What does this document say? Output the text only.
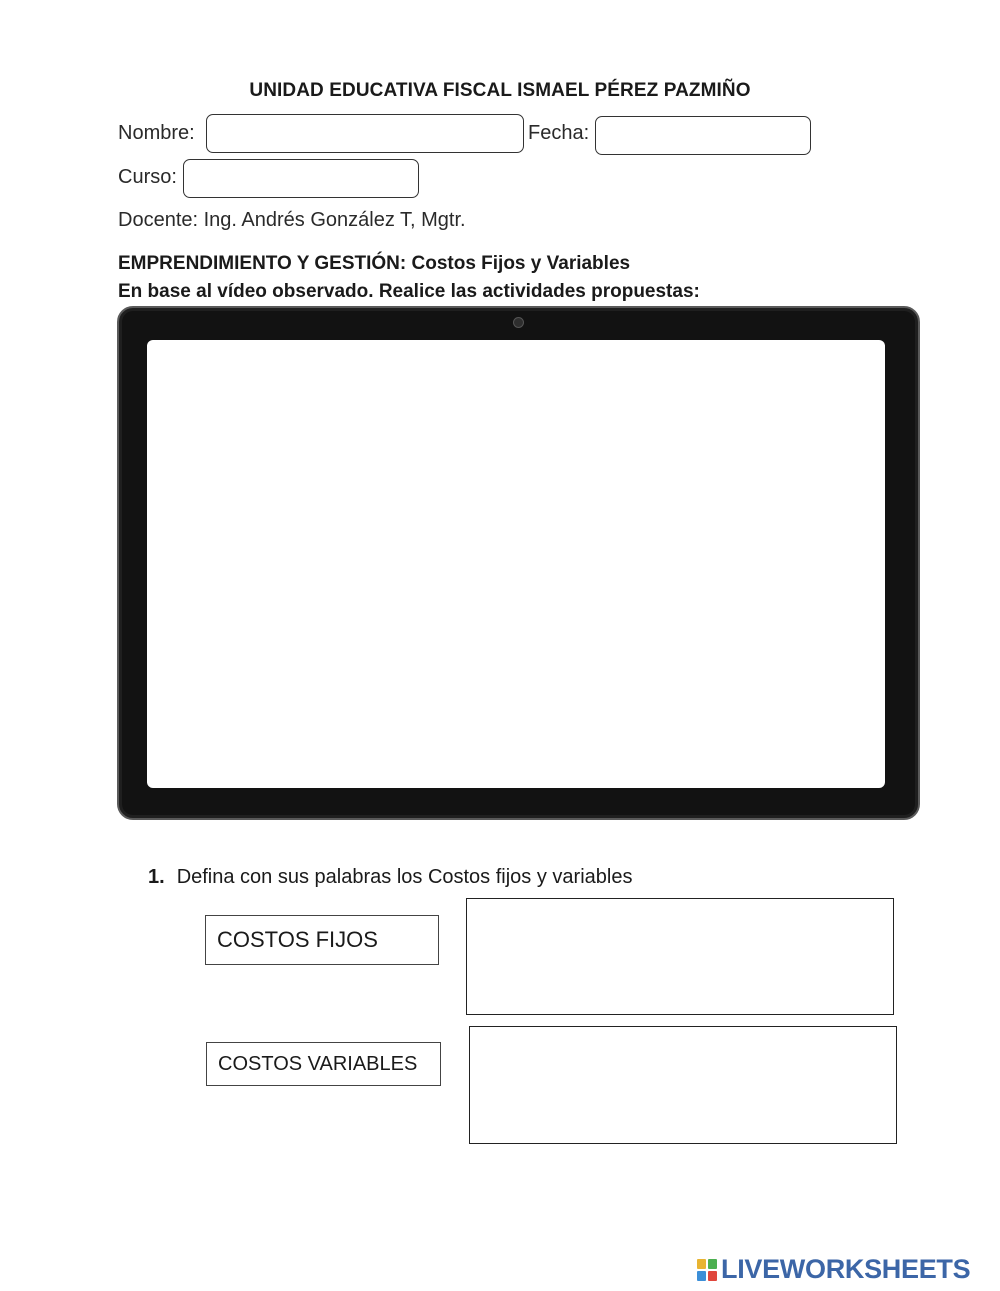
UNIDAD EDUCATIVA FISCAL ISMAEL PÉREZ PAZMIÑO
Nombre:	Fecha:
Curso:
Docente: Ing. Andrés González T, Mgtr.
EMPRENDIMIENTO Y GESTIÓN: Costos Fijos y Variables
En base al vídeo observado. Realice las actividades propuestas:
1. Defina con sus palabras los Costos fijos y variables
COSTOS FIJOS
COSTOS VARIABLES
LIVEWORKSHEETS
